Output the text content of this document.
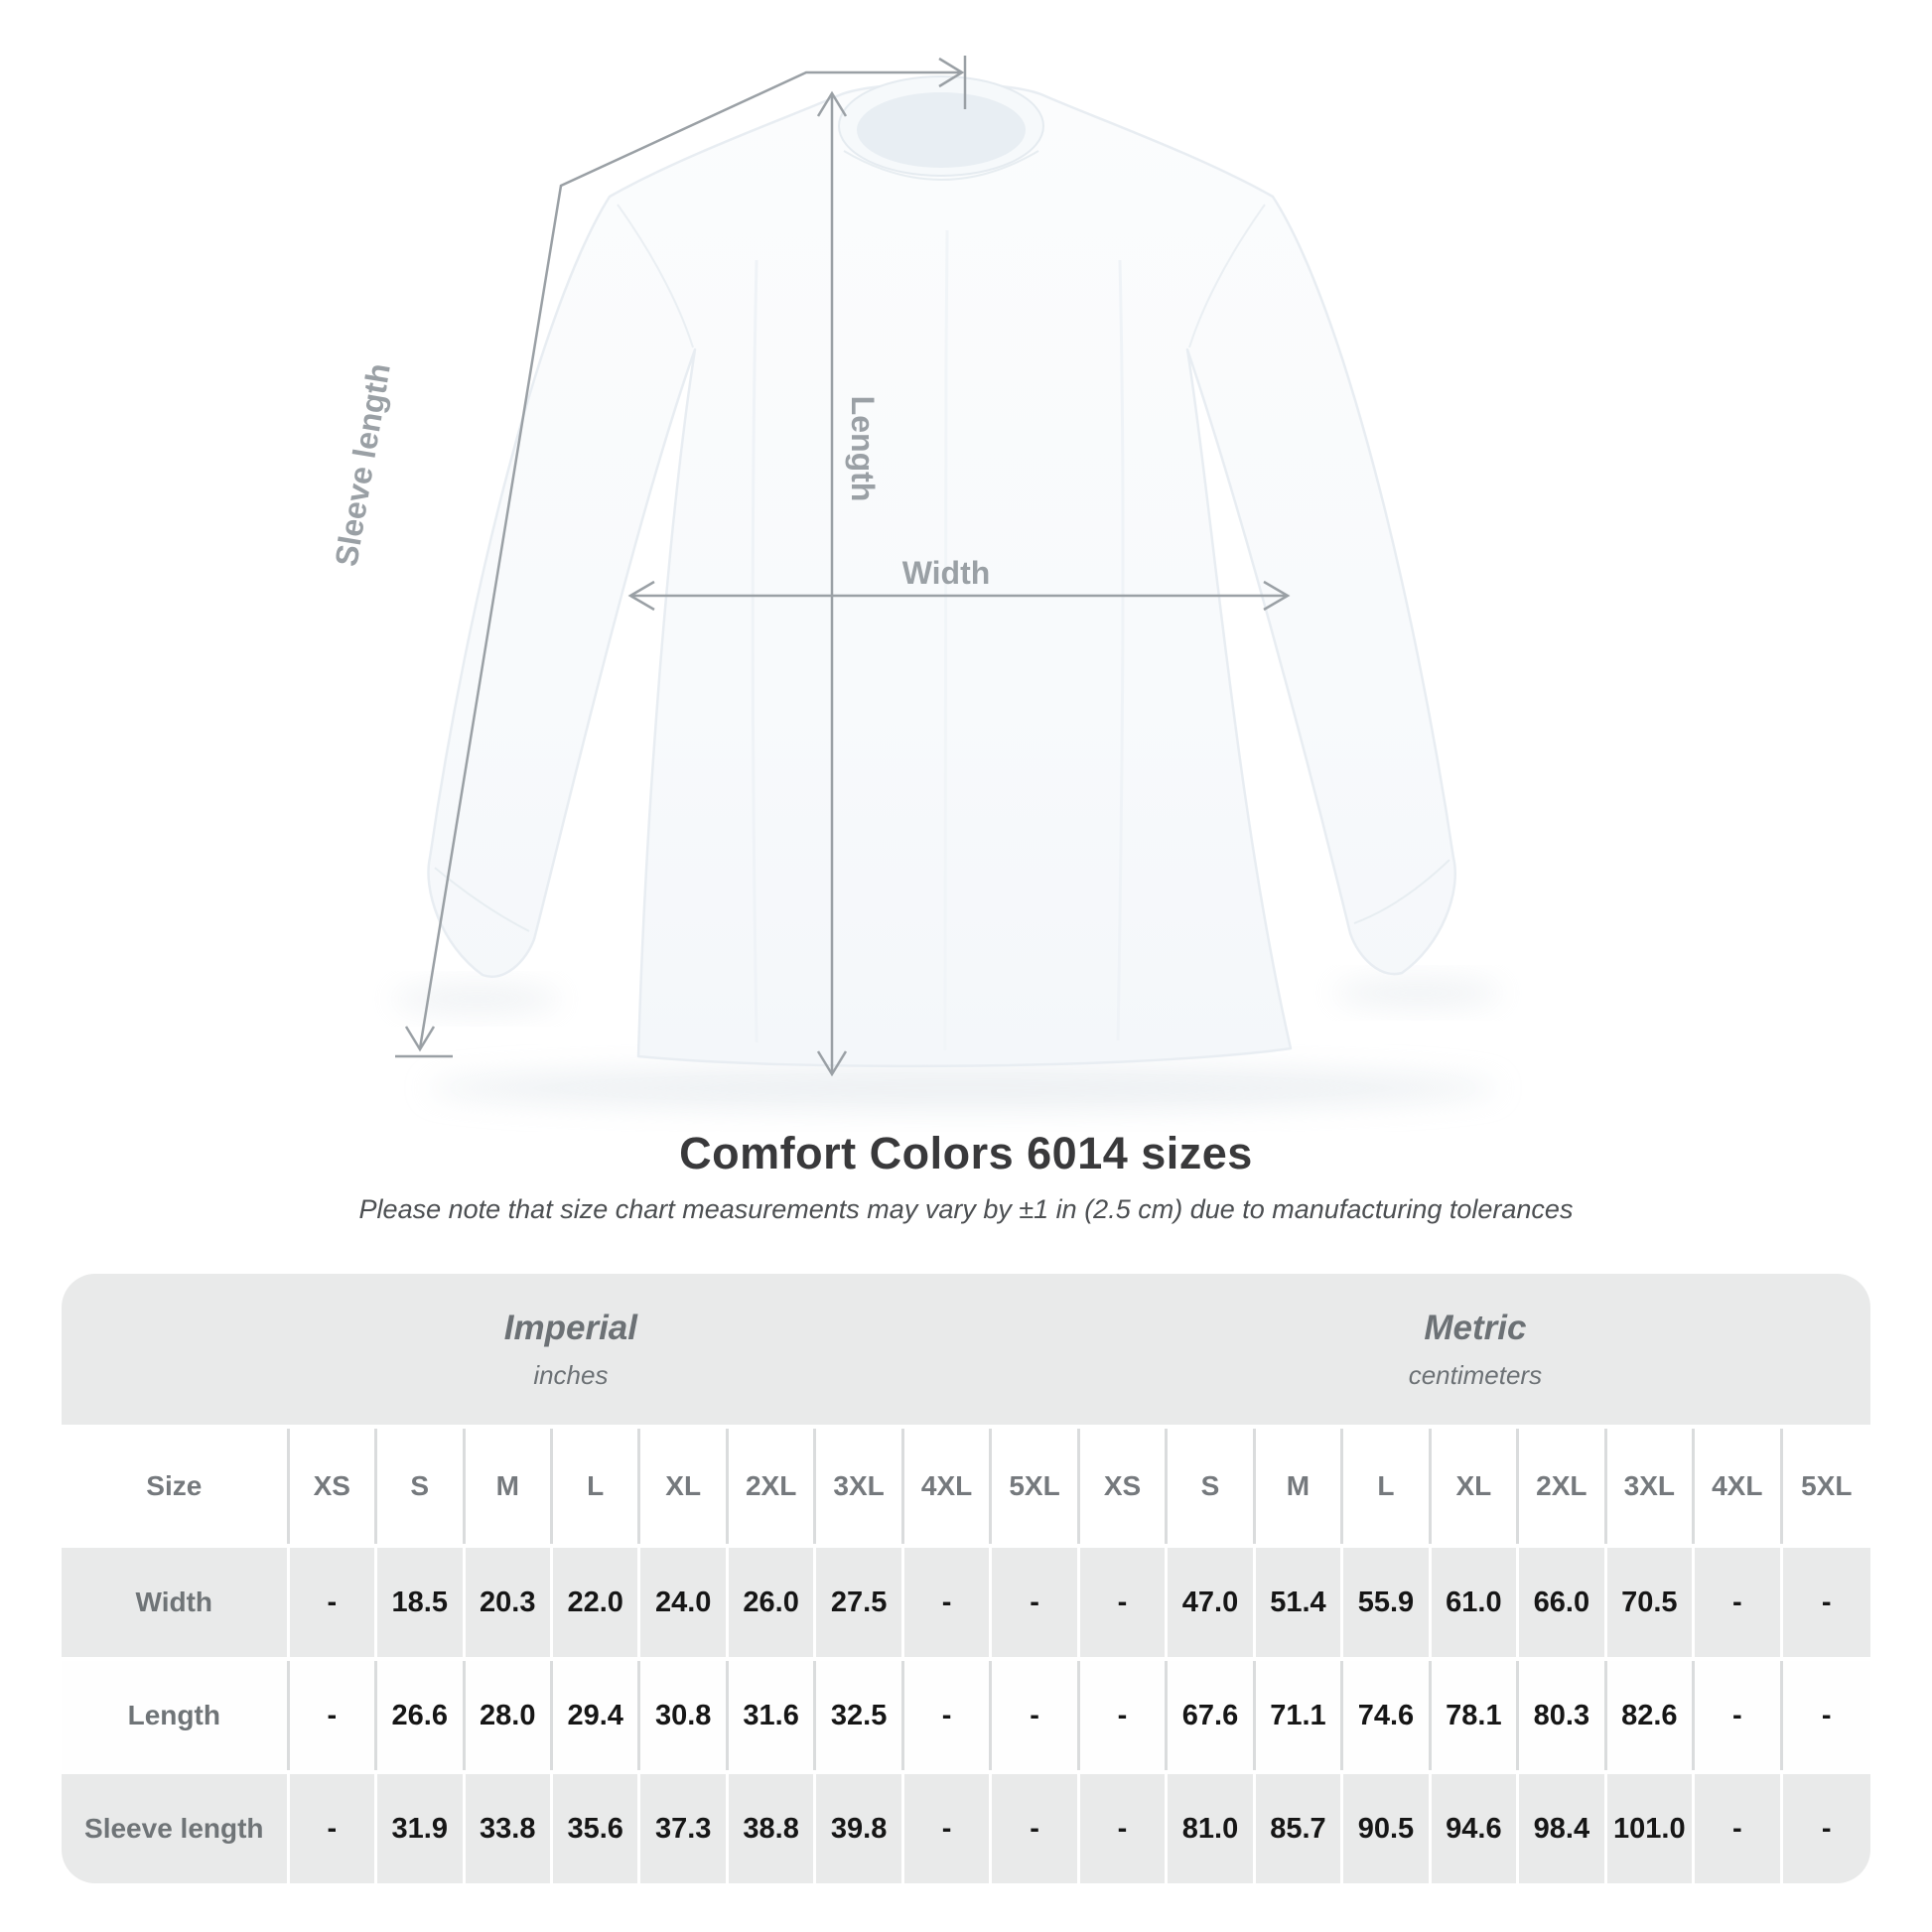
Width
Length
Sleeve length
Comfort Colors 6014 sizes

Please note that size chart measurements may vary by ±1 in (2.5 cm) due to manufacturing tolerances

Imperial
inches
Metric
centimeters
Size	XS	S	M	L	XL	2XL	3XL	4XL	5XL	XS	S	M	L	XL	2XL	3XL	4XL	5XL
Width	-	18.5	20.3	22.0	24.0	26.0	27.5	-	-	-	47.0	51.4	55.9	61.0	66.0	70.5	-	-
Length	-	26.6	28.0	29.4	30.8	31.6	32.5	-	-	-	67.6	71.1	74.6	78.1	80.3	82.6	-	-
Sleeve length	-	31.9	33.8	35.6	37.3	38.8	39.8	-	-	-	81.0	85.7	90.5	94.6	98.4	101.0	-	-
